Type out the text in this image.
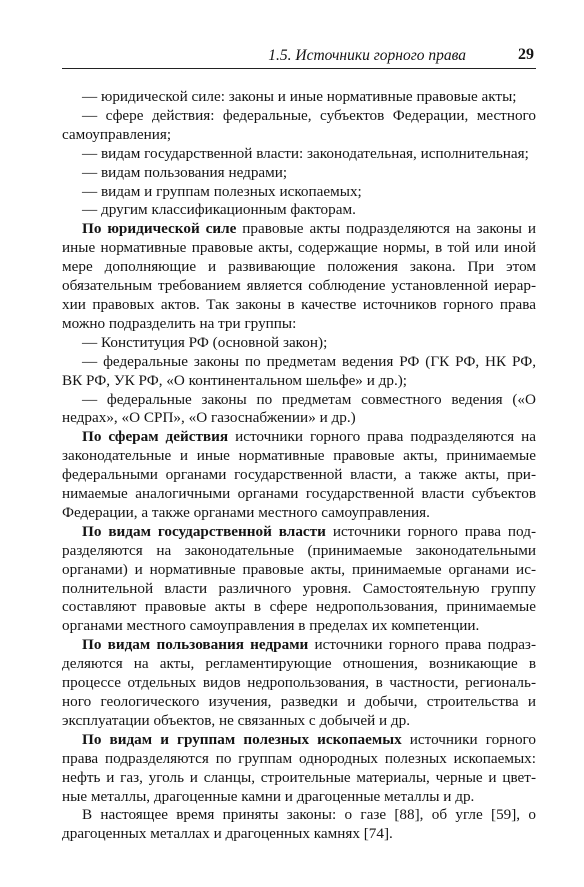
1.5. Источники горного права	29

— юридической силе: законы и иные нормативные правовые акты;

— сфере действия: федеральные, субъектов Федерации, местного самоуправления;

— видам государственной власти: законодательная, исполнительная;

— видам пользования недрами;

— видам и группам полезных ископаемых;

— другим классификационным факторам.

По юридической силе правовые акты подразделяются на законы и иные нормативные правовые акты, содержащие нормы, в той или иной мере дополняющие и развивающие положения закона. При этом обязательным требованием является соблюдение установленной иерархии правовых актов. Так законы в качестве источников горного права можно подразделить на три группы:

— Конституция РФ (основной закон);

— федеральные законы по предметам ведения РФ (ГК РФ, НК РФ, ВК РФ, УК РФ, «О континентальном шельфе» и др.);

— федеральные законы по предметам совместного ведения («О недрах», «О СРП», «О газоснабжении» и др.)

По сферам действия источники горного права подразделяются на законодательные и иные нормативные правовые акты, принимаемые федеральными органами государственной власти, а также акты, принимаемые аналогичными органами государственной власти субъектов Федерации, а также органами местного самоуправления.

По видам государственной власти источники горного права подразделяются на законодательные (принимаемые законодательными органами) и нормативные правовые акты, принимаемые органами исполнительной власти различного уровня. Самостоятельную группу составляют правовые акты в сфере недропользования, принимаемые органами местного самоуправления в пределах их компетенции.

По видам пользования недрами источники горного права подразделяются на акты, регламентирующие отношения, возникающие в процессе отдельных видов недропользования, в частности, регионального геологического изучения, разведки и добычи, строительства и эксплуатации объектов, не связанных с добычей и др.

По видам и группам полезных ископаемых источники горного права подразделяются по группам однородных полезных ископаемых: нефть и газ, уголь и сланцы, строительные материалы, черные и цветные металлы, драгоценные камни и драгоценные металлы и др.

В настоящее время приняты законы: о газе [88], об угле [59], о драгоценных металлах и драгоценных камнях [74].
